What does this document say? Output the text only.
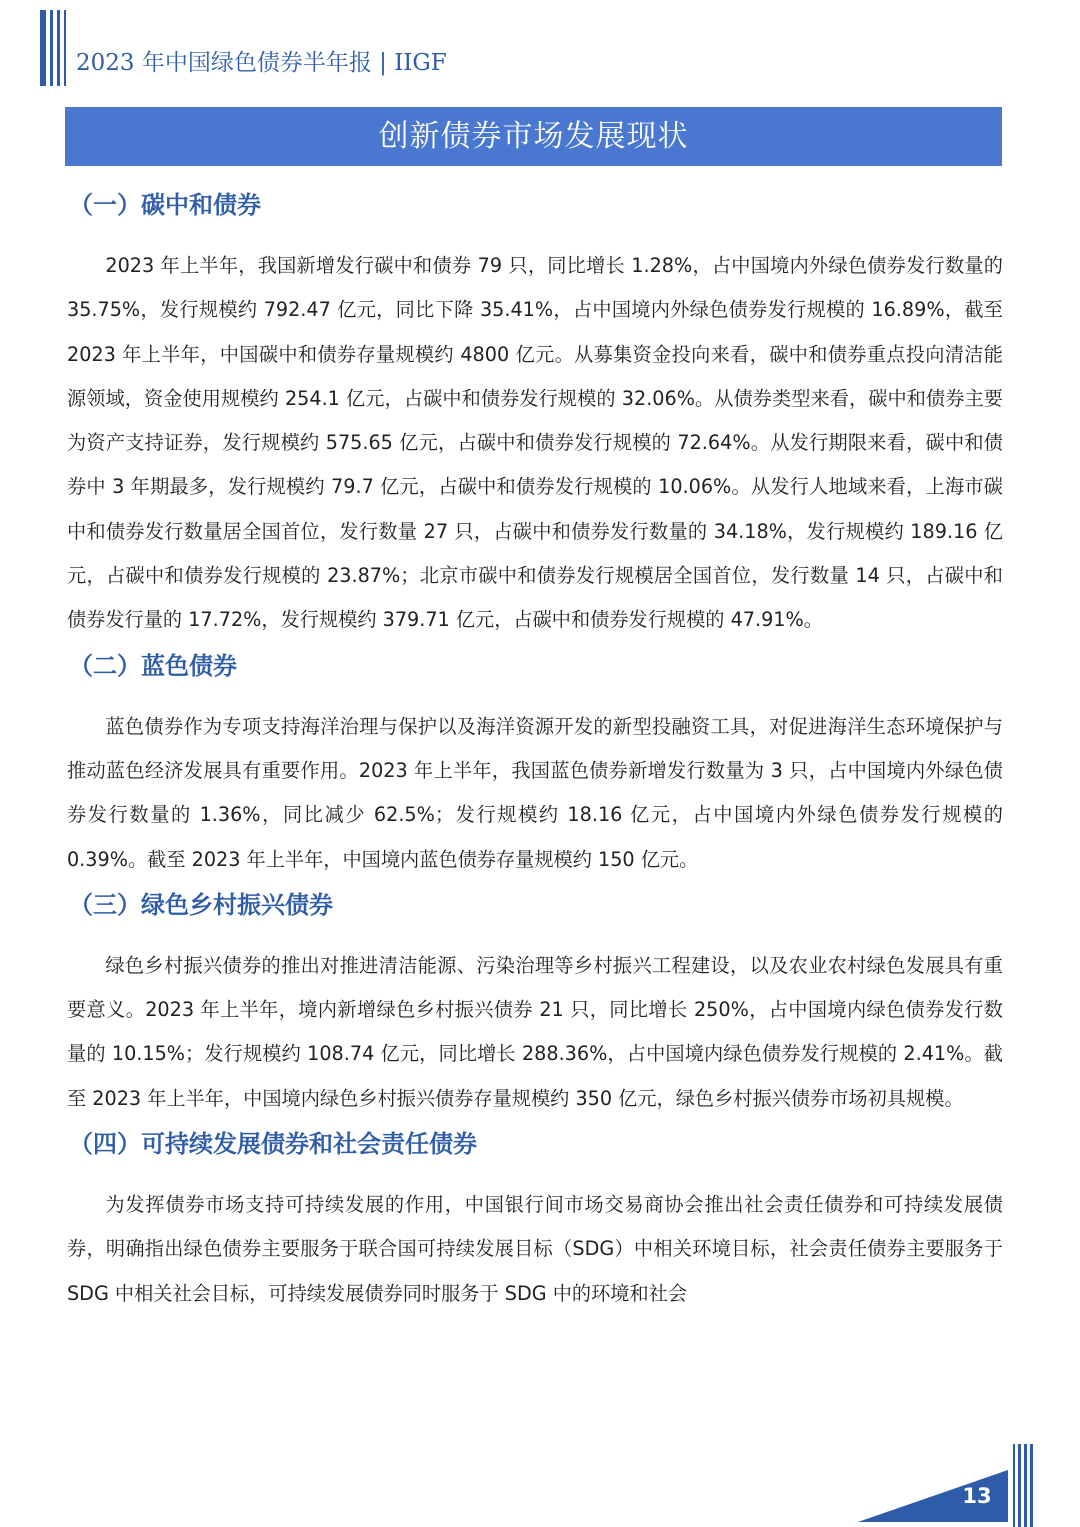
2023 年中国绿色债券半年报 | IIGF
创新债券市场发展现状
（一）碳中和债券

2023 年上半年，我国新增发行碳中和债券 79 只，同比增长 1.28%，占中国境内外绿色债券发行数量的 35.75%，发行规模约 792.47 亿元，同比下降 35.41%，占中国境内外绿色债券发行规模的 16.89%，截至 2023 年上半年，中国碳中和债券存量规模约 4800 亿元。从募集资金投向来看，碳中和债券重点投向清洁能源领域，资金使用规模约 254.1 亿元，占碳中和债券发行规模的 32.06%。从债券类型来看，碳中和债券主要为资产支持证券，发行规模约 575.65 亿元，占碳中和债券发行规模的 72.64%。从发行期限来看，碳中和债券中 3 年期最多，发行规模约 79.7 亿元，占碳中和债券发行规模的 10.06%。从发行人地域来看，上海市碳中和债券发行数量居全国首位，发行数量 27 只，占碳中和债券发行数量的 34.18%，发行规模约 189.16 亿元，占碳中和债券发行规模的 23.87%；北京市碳中和债券发行规模居全国首位，发行数量 14 只，占碳中和债券发行量的 17.72%，发行规模约 379.71 亿元，占碳中和债券发行规模的 47.91%。

（二）蓝色债券

蓝色债券作为专项支持海洋治理与保护以及海洋资源开发的新型投融资工具，对促进海洋生态环境保护与推动蓝色经济发展具有重要作用。2023 年上半年，我国蓝色债券新增发行数量为 3 只，占中国境内外绿色债券发行数量的 1.36%，同比减少 62.5%；发行规模约 18.16 亿元，占中国境内外绿色债券发行规模的 0.39%。截至 2023 年上半年，中国境内蓝色债券存量规模约 150 亿元。

（三）绿色乡村振兴债券

绿色乡村振兴债券的推出对推进清洁能源、污染治理等乡村振兴工程建设，以及农业农村绿色发展具有重要意义。2023 年上半年，境内新增绿色乡村振兴债券 21 只，同比增长 250%，占中国境内绿色债券发行数量的 10.15%；发行规模约 108.74 亿元，同比增长 288.36%，占中国境内绿色债券发行规模的 2.41%。截至 2023 年上半年，中国境内绿色乡村振兴债券存量规模约 350 亿元，绿色乡村振兴债券市场初具规模。

（四）可持续发展债券和社会责任债券

为发挥债券市场支持可持续发展的作用，中国银行间市场交易商协会推出社会责任债券和可持续发展债券，明确指出绿色债券主要服务于联合国可持续发展目标（SDG）中相关环境目标，社会责任债券主要服务于 SDG 中相关社会目标，可持续发展债券同时服务于 SDG 中的环境和社会

13
